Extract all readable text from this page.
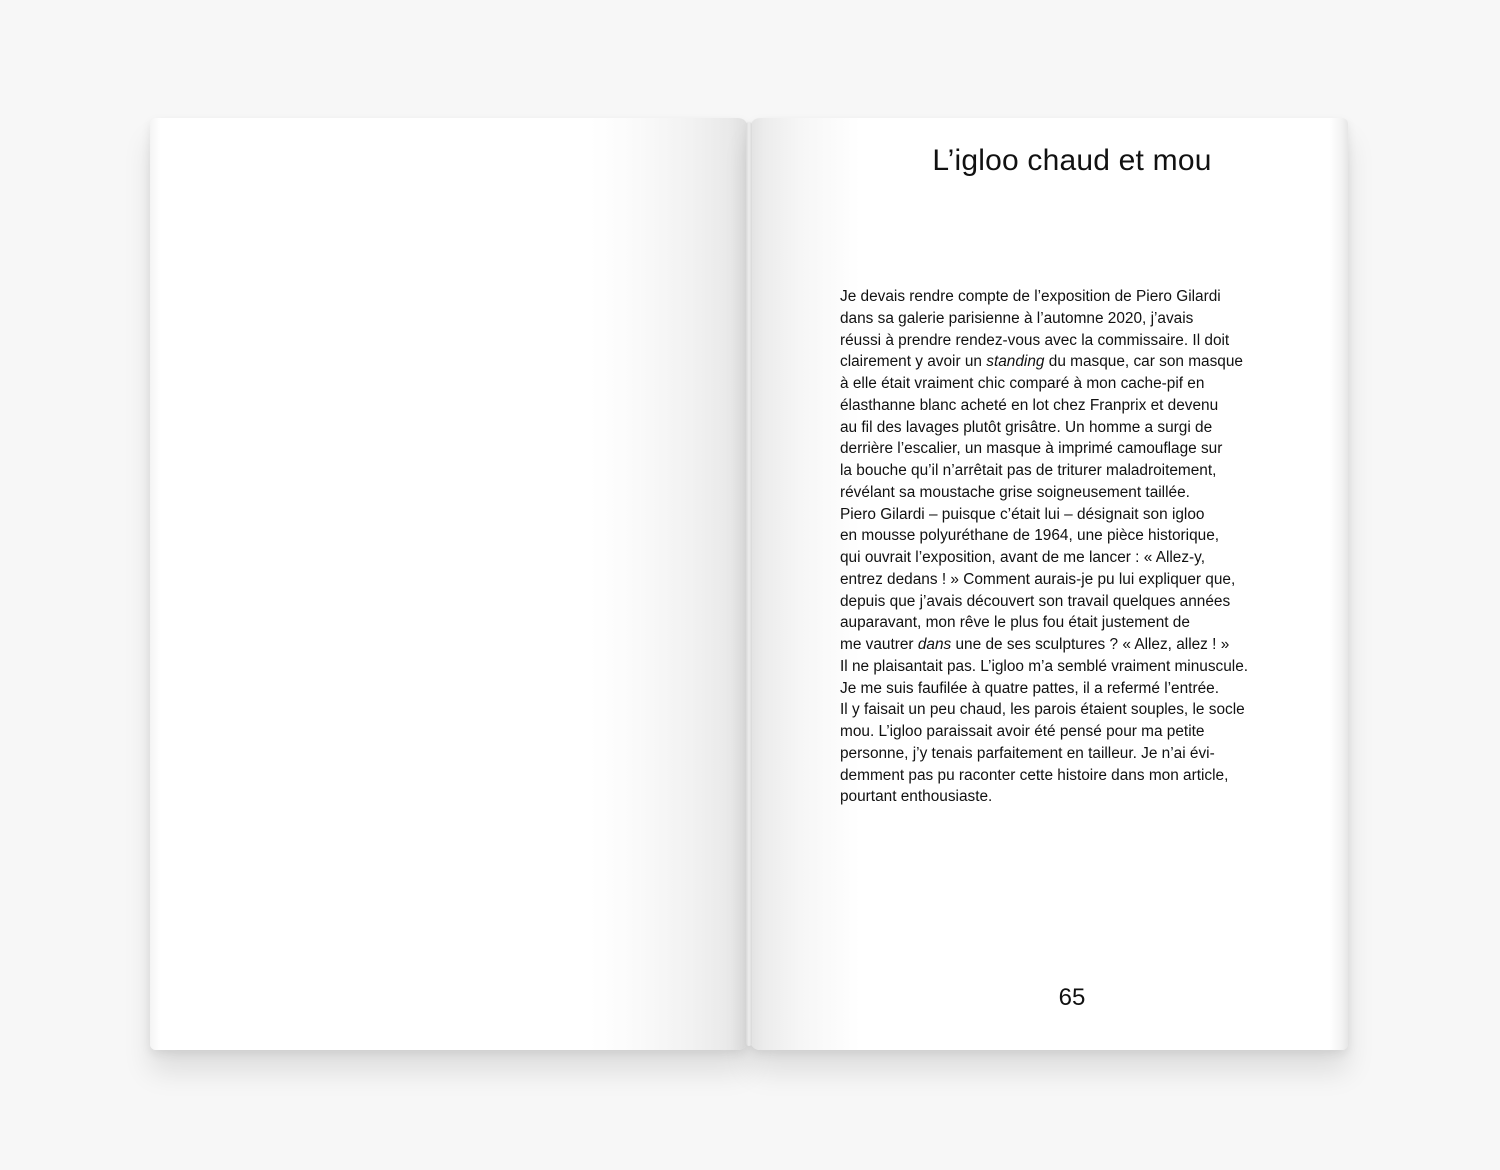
L’igloo chaud et mou
Je devais rendre compte de l’exposition de Piero Gilardi
dans sa galerie parisienne à l’automne 2020, j’avais
réussi à prendre rendez-vous avec la commissaire. Il doit
clairement y avoir un standing du masque, car son masque
à elle était vraiment chic comparé à mon cache-pif en
élasthanne blanc acheté en lot chez Franprix et devenu
au fil des lavages plutôt grisâtre. Un homme a surgi de
derrière l’escalier, un masque à imprimé camouflage sur
la bouche qu’il n’arrêtait pas de triturer maladroitement,
révélant sa moustache grise soigneusement taillée.
Piero Gilardi – puisque c’était lui – désignait son igloo
en mousse polyuréthane de 1964, une pièce historique,
qui ouvrait l’exposition, avant de me lancer : « Allez-y,
entrez dedans ! » Comment aurais-je pu lui expliquer que,
depuis que j’avais découvert son travail quelques années
auparavant, mon rêve le plus fou était justement de
me vautrer dans une de ses sculptures ? « Allez, allez ! »
Il ne plaisantait pas. L’igloo m’a semblé vraiment minuscule.
Je me suis faufilée à quatre pattes, il a refermé l’entrée.
Il y faisait un peu chaud, les parois étaient souples, le socle
mou. L’igloo paraissait avoir été pensé pour ma petite
personne, j’y tenais parfaitement en tailleur. Je n’ai évi-
demment pas pu raconter cette histoire dans mon article,
pourtant enthousiaste.
65
